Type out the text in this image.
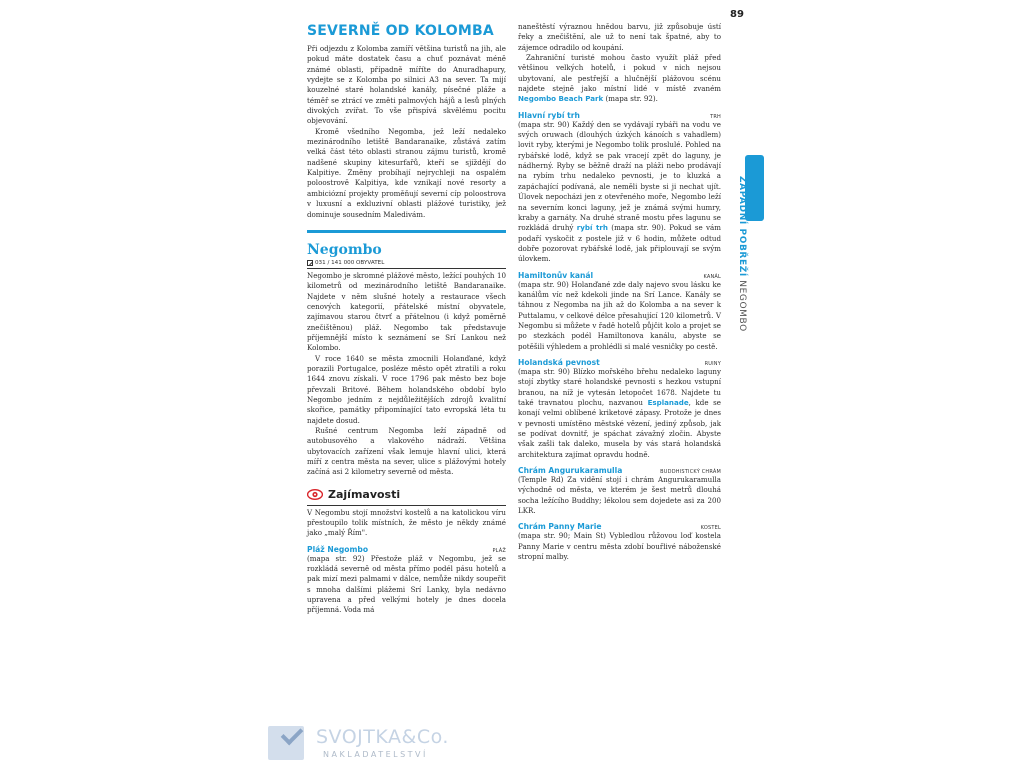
89
ZÁPADNÍ POBŘEŽÍ NEGOMBO
SEVERNĚ OD KOLOMBA

Při odjezdu z Kolomba zamíří většina turistů na jih, ale pokud máte dostatek času a chuť poznávat méně známé oblasti, případně míříte do Anuradhapury, vydejte se z Kolomba po silnici A3 na sever. Ta mijí kouzelné staré holandské kanály, písečné pláže a téměř se ztrácí ve změti palmových hájů a lesů plných divokých zvířat. To vše přispívá skvělému pocitu objevování.

Kromě všedního Negomba, jež leží nedaleko mezinárodního letiště Bandaranaike, zůstává zatím velká část této oblasti stranou zájmu turistů, kromě nadšené skupiny kitesurfařů, kteří se sjíždějí do Kalpitiye. Změny probíhají nejrychleji na ospalém poloostrově Kalpitiya, kde vznikají nové resorty a ambiciózní projekty proměňují severní cíp poloostrova v luxusní a exkluzivní oblasti plážové turistiky, jež dominuje sousedním Maledivám.

Negombo
031 / 141 000 OBYVATEL

Negombo je skromné plážové město, ležící pouhých 10 kilometrů od mezinárodního letiště Bandaranaike. Najdete v něm slušné hotely a restaurace všech cenových kategorií, přátelské místní obyvatele, zajímavou starou čtvrť a přátelnou (i když poměrně znečištěnou) pláž. Negombo tak představuje příjemnější místo k seznámení se Srí Lankou než Kolombo.

V roce 1640 se města zmocnili Holanďané, když porazili Portugalce, posléze město opět ztratili a roku 1644 znovu získali. V roce 1796 pak město bez boje převzali Britové. Během holandského období bylo Negombo jedním z nejdůležitějších zdrojů kvalitní skořice, památky připomínající tato evropská léta tu najdete dosud.

Rušné centrum Negomba leží západně od autobusového a vlakového nádraží. Většina ubytovacích zařízení však lemuje hlavní ulici, která míří z centra města na sever, ulice s plážovými hotely začíná asi 2 kilometry severně od města.

Zajímavosti

V Negombu stojí množství kostelů a na katolickou víru přestoupilo tolik místních, že město je někdy známé jako „malý Řím".

Pláž Negombo	PLÁŽ

(mapa str. 92) Přestože pláž v Negombu, jež se rozkládá severně od města přímo podél pásu hotelů a pak mizí mezi palmami v dálce, nemůže nikdy soupeřit s mnoha dalšími plážemi Srí Lanky, byla nedávno upravena a před velkými hotely je dnes docela příjemná. Voda má

naneštěstí výraznou hnědou barvu, již způsobuje ústí řeky a znečištění, ale už to není tak špatné, aby to zájemce odradilo od koupání.

Zahraniční turisté mohou často využít pláž před většinou velkých hotelů, i pokud v nich nejsou ubytovaní, ale pestřejší a hlučnější plážovou scénu najdete stejně jako místní lidé v místě zvaném Negombo Beach Park (mapa str. 92).

Hlavní rybí trh	TRH

(mapa str. 90) Každý den se vydávají rybáři na vodu ve svých oruwach (dlouhých úzkých kánoích s vahadlem) lovit ryby, kterými je Negombo tolik proslulé. Pohled na rybářské lodě, když se pak vracejí zpět do laguny, je nádherný. Ryby se běžně draží na pláži nebo prodávají na rybím trhu nedaleko pevnosti, je to kluzká a zapáchající podívaná, ale neměli byste si ji nechat ujít. Úlovek nepocházi jen z otevřeného moře, Negombo leží na severním konci laguny, jež je známá svými humry, kraby a garnáty. Na druhé straně mostu přes lagunu se rozkládá druhý rybí trh (mapa str. 90). Pokud se vám podaří vyskočit z postele již v 6 hodin, můžete odtud dobře pozorovat rybářské lodě, jak připlouvají se svým úlovkem.

Hamiltonův kanál	KANÁL

(mapa str. 90) Holanďané zde daly najevo svou lásku ke kanálům víc než kdekoli jinde na Srí Lance. Kanály se táhnou z Negomba na jih až do Kolomba a na sever k Puttalamu, v celkové délce přesahující 120 kilometrů. V Negombu si můžete v řadě hotelů půjčit kolo a projet se po stezkách podél Hamiltonova kanálu, abyste se potěšili výhledem a prohlédli si malé vesničky po cestě.

Holandská pevnost	RUINY

(mapa str. 90) Blízko mořského břehu nedaleko laguny stojí zbytky staré holandské pevnosti s hezkou vstupní branou, na níž je vytesán letopočet 1678. Najdete tu také travnatou plochu, nazvanou Esplanade, kde se konají velmi oblíbené kriketové zápasy. Protože je dnes v pevnosti umístěno městské vězení, jediný způsob, jak se podívat dovnitř, je spáchat závažný zločin. Abyste však zašli tak daleko, musela by vás stará holandská architektura zajímat opravdu hodně.

Chrám Angurukaramulla	BUDDHISTICKÝ CHRÁM

(Temple Rd) Za vidění stojí i chrám Angurukaramulla východně od města, ve kterém je šest metrů dlouhá socha ležícího Buddhy; lékolou sem dojedete asi za 200 LKR.

Chrám Panny Marie	KOSTEL

(mapa str. 90; Main St) Vybledlou růžovou loď kostela Panny Marie v centru města zdobí bouřlivé náboženské stropní malby.

SVOJTKA&Co.
NAKLADATELSTVÍ
